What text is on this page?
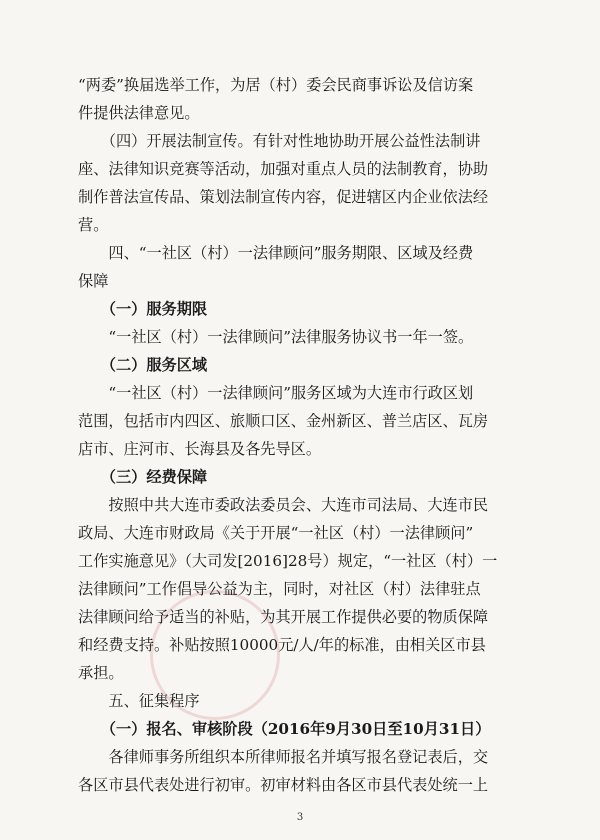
“两委”换届选举工作，为居（村）委会民商事诉讼及信访案
件提供法律意见。
　　（四）开展法制宣传。有针对性地协助开展公益性法制讲
座、法律知识竞赛等活动，加强对重点人员的法制教育，协助
制作普法宣传品、策划法制宣传内容，促进辖区内企业依法经
营。
　　四、“一社区（村）一法律顾问”服务期限、区域及经费
保障
　　（一）服务期限
　　“一社区（村）一法律顾问”法律服务协议书一年一签。
　　（二）服务区域
　　“一社区（村）一法律顾问”服务区域为大连市行政区划
范围，包括市内四区、旅顺口区、金州新区、普兰店区、瓦房
店市、庄河市、长海县及各先导区。
　　（三）经费保障
　　按照中共大连市委政法委员会、大连市司法局、大连市民
政局、大连市财政局《关于开展“一社区（村）一法律顾问”
工作实施意见》（大司发[2016]28号）规定，“一社区（村）一
法律顾问”工作倡导公益为主，同时，对社区（村）法律驻点
法律顾问给予适当的补贴，为其开展工作提供必要的物质保障
和经费支持。补贴按照10000元/人/年的标准，由相关区市县
承担。
　　五、征集程序
　　（一）报名、审核阶段（2016年9月30日至10月31日）
　　各律师事务所组织本所律师报名并填写报名登记表后，交
各区市县代表处进行初审。初审材料由各区市县代表处统一上
3
